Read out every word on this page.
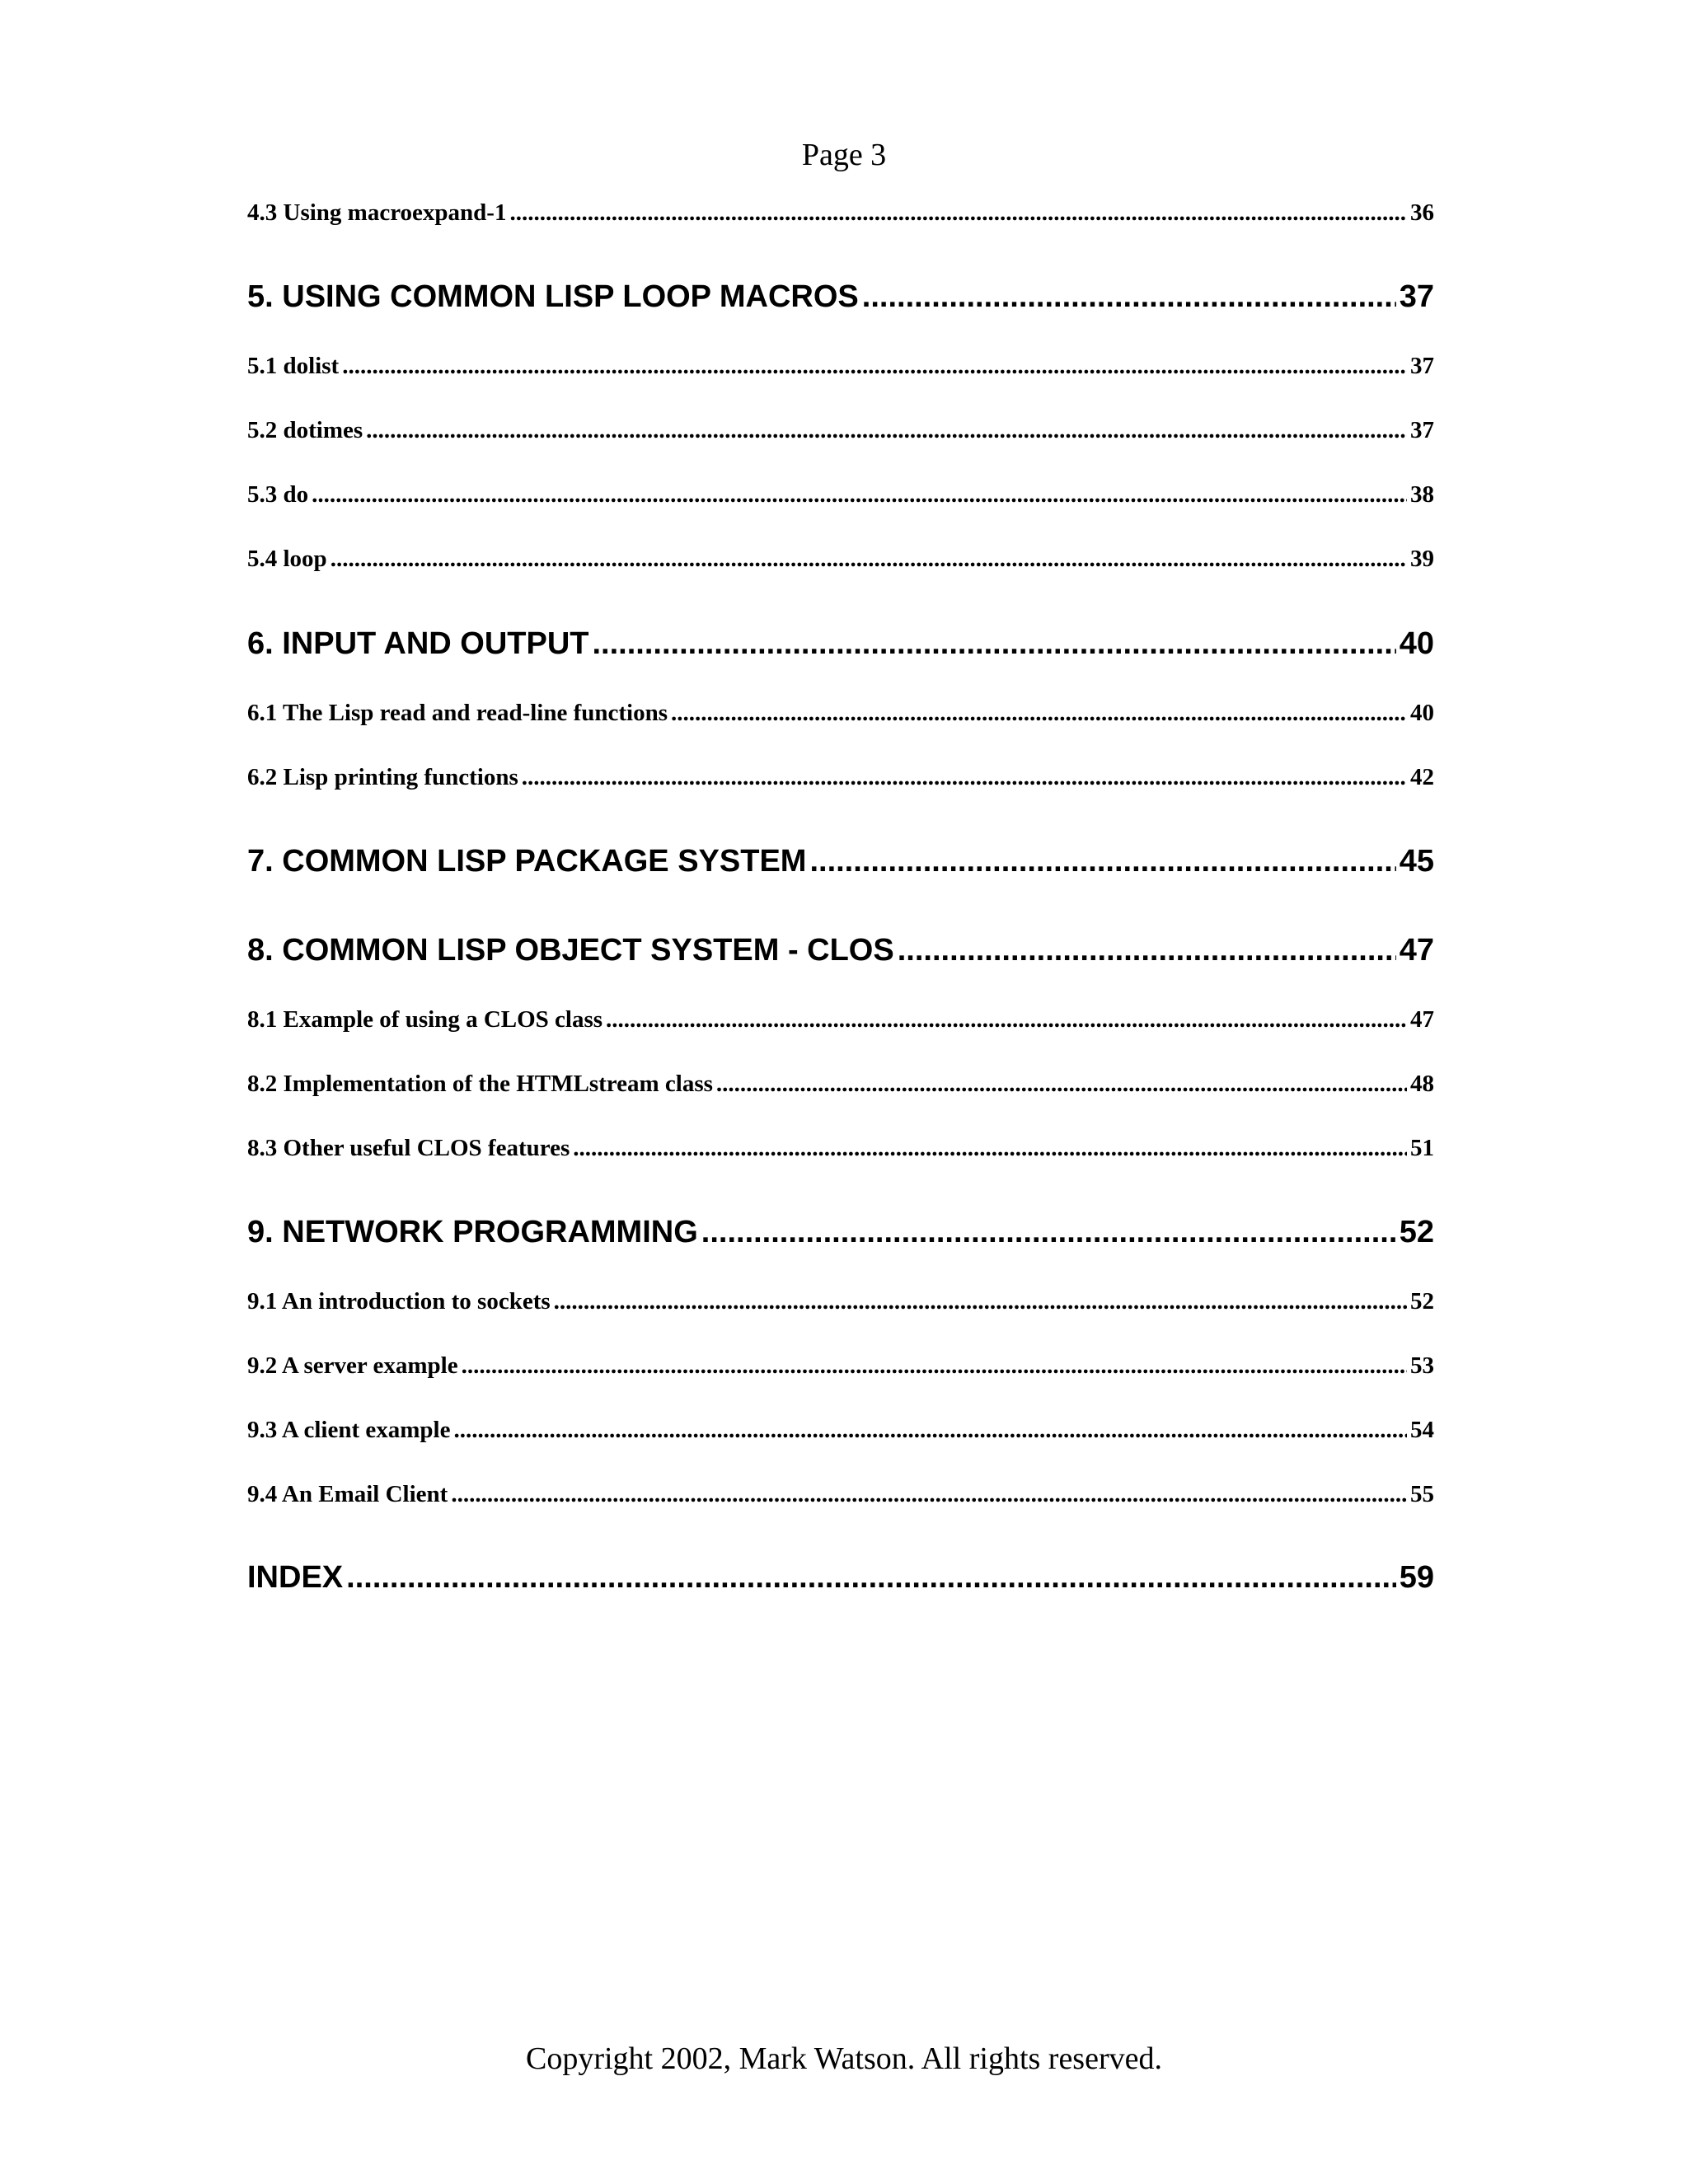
Page 3
4.3 Using macroexpand-1 .....	36
5. USING COMMON LISP LOOP MACROS .....	37
5.1 dolist .....	37
5.2 dotimes .....	37
5.3 do .....	38
5.4 loop .....	39
6. INPUT AND OUTPUT .....	40
6.1 The Lisp read and read-line functions .....	40
6.2 Lisp printing functions .....	42
7. COMMON LISP PACKAGE SYSTEM .....	45
8. COMMON LISP OBJECT SYSTEM - CLOS .....	47
8.1 Example of using a CLOS class .....	47
8.2 Implementation of the HTMLstream class .....	48
8.3 Other useful CLOS features .....	51
9. NETWORK PROGRAMMING .....	52
9.1 An introduction to sockets .....	52
9.2 A server example .....	53
9.3 A client example .....	54
9.4 An Email Client .....	55
INDEX .....	59
Copyright 2002, Mark Watson. All rights reserved.
